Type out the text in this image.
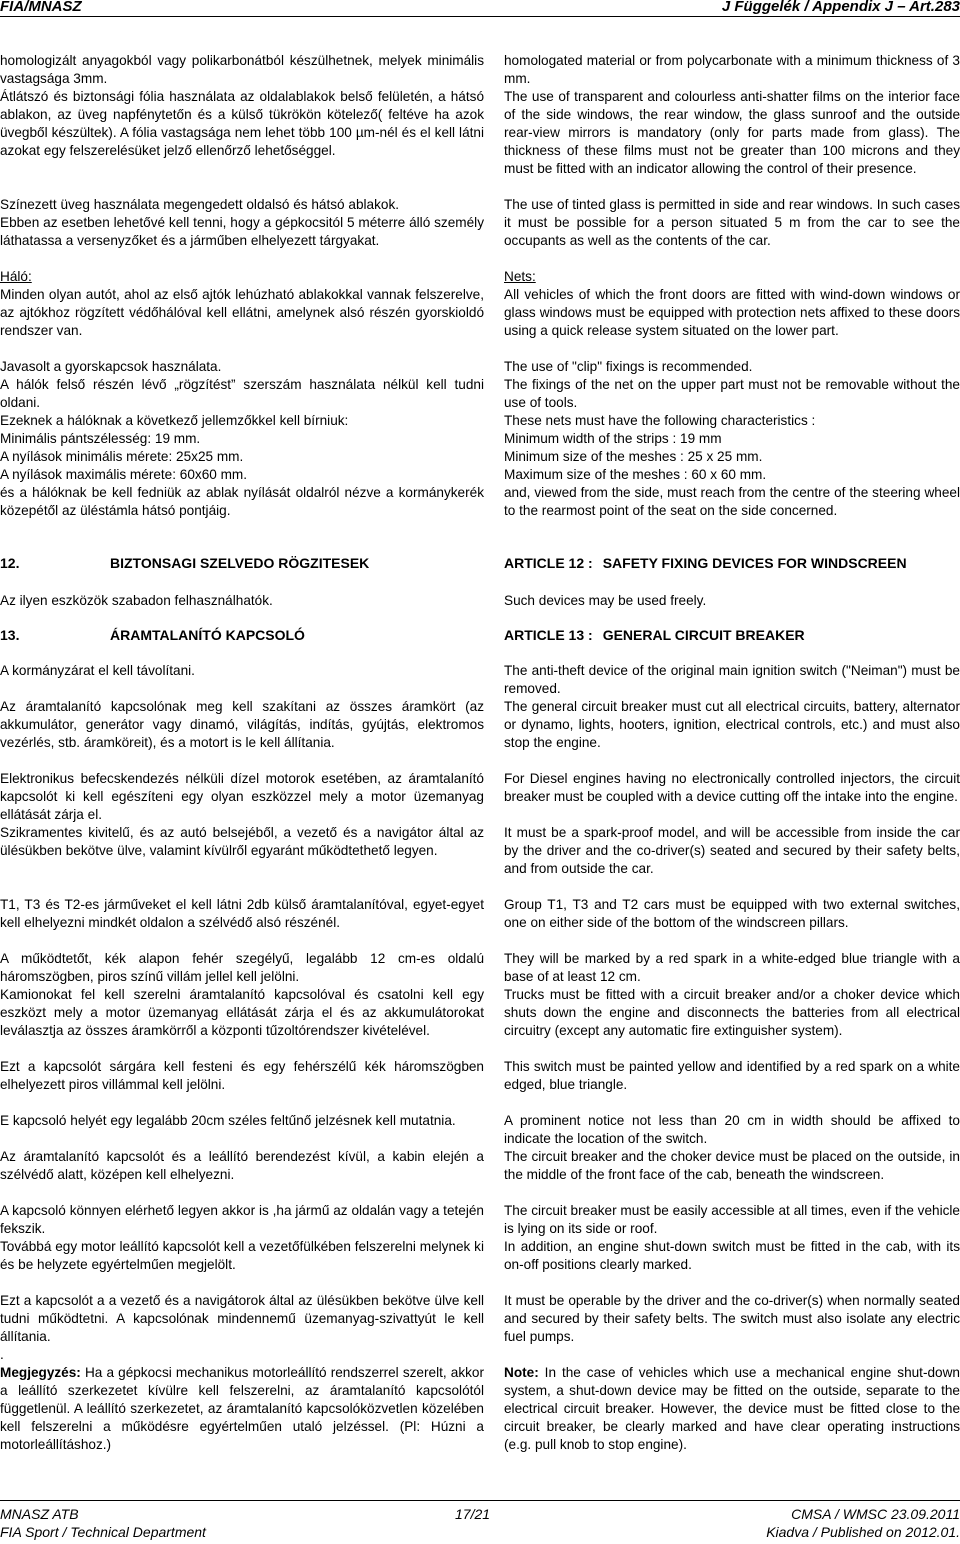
FIA/MNASZ	J Függelék / Appendix J – Art.283

homologizált anyagokból vagy polikarbonátból készülhetnek, melyek minimális vastagsága 3mm.

Átlátszó és biztonsági fólia használata az oldalablakok belső felületén, a hátsó ablakon, az üveg napfénytetőn és a külső tükrökön kötelező( feltéve ha azok üvegből készültek). A fólia vastagsága nem lehet több 100 µm-nél és el kell látni azokat egy felszerelésüket jelző ellenőrző lehetőséggel.

Színezett üveg használata megengedett oldalsó és hátsó ablakok.

Ebben az esetben lehetővé kell tenni, hogy a gépkocsitól 5 méterre álló személy láthatassa a versenyzőket és a járműben elhelyezett tárgyakat.

Háló:

Minden olyan autót, ahol az első ajtók lehúzható ablakokkal vannak felszerelve, az ajtókhoz rögzített védőhálóval kell ellátni, amelynek alsó részén gyorskioldó rendszer van.

Javasolt a gyorskapcsok használata.

A hálók felső részén lévő „rögzítést” szerszám használata nélkül kell tudni oldani.

Ezeknek a hálóknak a következő jellemzőkkel kell bírniuk:

Minimális pántszélesség: 19 mm.

A nyílások minimális mérete: 25x25 mm.

A nyílások maximális mérete: 60x60 mm.

és a hálóknak be kell fedniük az ablak nyílását oldalról nézve a kormánykerék közepétől az üléstámla hátsó pontjáig.

12.	BIZTONSAGI SZELVEDO RÖGZITESEK

Az ilyen eszközök szabadon felhasználhatók.

13.	ÁRAMTALANÍTÓ KAPCSOLÓ

A kormányzárat el kell távolítani.

Az áramtalanító kapcsolónak meg kell szakítani az összes áramkört (az akkumulátor, generátor vagy dinamó, világítás, indítás, gyújtás, elektromos vezérlés, stb. áramköreit), és a motort is le kell állítania.

Elektronikus befecskendezés nélküli dízel motorok esetében, az áramtalanító kapcsolót ki kell egészíteni egy olyan eszközzel mely a motor üzemanyag ellátását zárja el.

Szikramentes kivitelű, és az autó belsejéből, a vezető és a navigátor által az ülésükben bekötve ülve, valamint kívülről egyaránt működtethető legyen.

T1, T3 és T2-es járműveket el kell látni 2db külső áramtalanítóval, egyet-egyet kell elhelyezni mindkét oldalon a szélvédő alsó részénél.

A működtetőt, kék alapon fehér szegélyű, legalább 12 cm-es oldalú háromszögben, piros színű villám jellel kell jelölni.

Kamionokat fel kell szerelni áramtalanító kapcsolóval és csatolni kell egy eszközt mely a motor üzemanyag ellátását zárja el és az akkumulátorokat leválasztja az összes áramkörről a központi tűzoltórendszer kivételével.

Ezt a kapcsolót sárgára kell festeni és egy fehérszélű kék háromszögben elhelyezett piros villámmal kell jelölni.

E kapcsoló helyét egy legalább 20cm széles feltűnő jelzésnek kell mutatnia.

Az áramtalanító kapcsolót és a leállító berendezést kívül, a kabin elején a szélvédő alatt, középen kell elhelyezni.

A kapcsoló könnyen elérhető legyen akkor is ,ha jármű az oldalán vagy a tetején fekszik.

Továbbá egy motor leállító kapcsolót kell a vezetőfülkében felszerelni melynek ki és be helyzete egyértelműen megjelölt.

Ezt a kapcsolót a a vezető és a navigátorok által az ülésükben bekötve ülve kell tudni működtetni. A kapcsolónak mindennemű üzemanyag-szivattyút le kell állítania.

.

Megjegyzés: Ha a gépkocsi mechanikus motorleállító rendszerrel szerelt, akkor a leállító szerkezetet kívülre kell felszerelni, az áramtalanító kapcsolótól függetlenül. A leállító szerkezetet, az áramtalanító kapcsolóközvetlen közelében kell felszerelni a működésre egyértelműen utaló jelzéssel. (Pl: Húzni a motorleállításhoz.)

homologated material or from polycarbonate with a minimum thickness of 3 mm.

The use of transparent and colourless anti-shatter films on the interior face of the side windows, the rear window, the glass sunroof and the outside rear-view mirrors is mandatory (only for parts made from glass). The thickness of these films must not be greater than 100 microns and they must be fitted with an indicator allowing the control of their presence.

The use of tinted glass is permitted in side and rear windows. In such cases it must be possible for a person situated 5 m from the car to see the occupants as well as the contents of the car.

Nets:

All vehicles of which the front doors are fitted with wind-down windows or glass windows must be equipped with protection nets affixed to these doors using a quick release system situated on the lower part.

The use of "clip" fixings is recommended.

The fixings of the net on the upper part must not be removable without the use of tools.

These nets must have the following characteristics :

Minimum width of the strips : 19 mm

Minimum size of the meshes : 25 x 25 mm.

Maximum size of the meshes : 60 x 60 mm.

and, viewed from the side, must reach from the centre of the steering wheel to the rearmost point of the seat on the side concerned.

ARTICLE 12 : SAFETY FIXING DEVICES FOR WINDSCREEN

Such devices may be used freely.

ARTICLE 13 : GENERAL CIRCUIT BREAKER

The anti-theft device of the original main ignition switch ("Neiman") must be removed.

The general circuit breaker must cut all electrical circuits, battery, alternator or dynamo, lights, hooters, ignition, electrical controls, etc.) and must also stop the engine.

For Diesel engines having no electronically controlled injectors, the circuit breaker must be coupled with a device cutting off the intake into the engine.

It must be a spark-proof model, and will be accessible from inside the car by the driver and the co-driver(s) seated and secured by their safety belts, and from outside the car.

Group T1, T3 and T2 cars must be equipped with two external switches, one on either side of the bottom of the windscreen pillars.

They will be marked by a red spark in a white-edged blue triangle with a base of at least 12 cm.

Trucks must be fitted with a circuit breaker and/or a choker device which shuts down the engine and disconnects the batteries from all electrical circuitry (except any automatic fire extinguisher system).

This switch must be painted yellow and identified by a red spark on a white edged, blue triangle.

A prominent notice not less than 20 cm in width should be affixed to indicate the location of the switch.

The circuit breaker and the choker device must be placed on the outside, in the middle of the front face of the cab, beneath the windscreen.

The circuit breaker must be easily accessible at all times, even if the vehicle is lying on its side or roof.

In addition, an engine shut-down switch must be fitted in the cab, with its on-off positions clearly marked.

It must be operable by the driver and the co-driver(s) when normally seated and secured by their safety belts. The switch must also isolate any electric fuel pumps.

Note: In the case of vehicles which use a mechanical engine shut-down system, a shut-down device may be fitted on the outside, separate to the electrical circuit breaker. However, the device must be fitted close to the circuit breaker, be clearly marked and have clear operating instructions (e.g. pull knob to stop engine).

MNASZ ATB
FIA Sport / Technical Department
17/21	CMSA / WMSC 23.09.2011
Kiadva / Published on 2012.01.
